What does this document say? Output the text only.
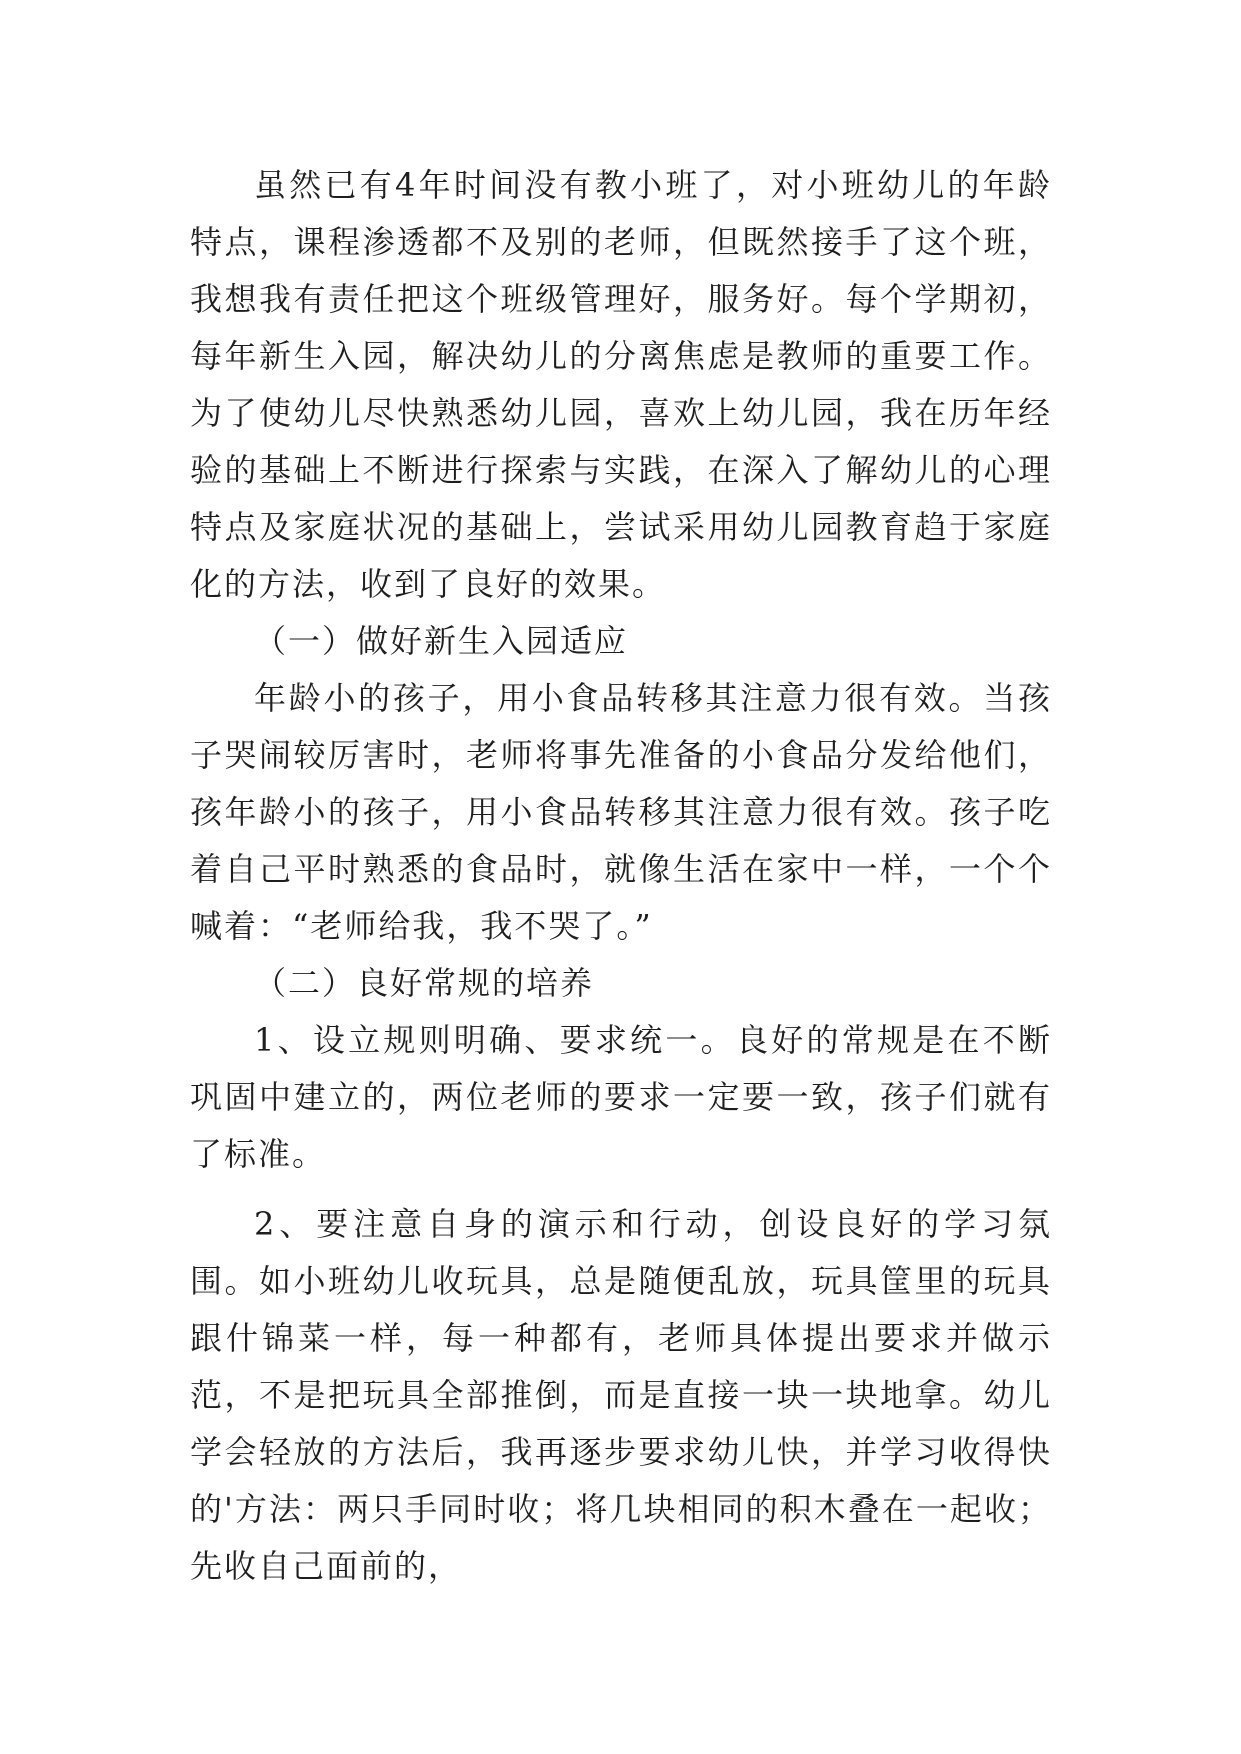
虽然已有4年时间没有教小班了，对小班幼儿的年龄特点，课程渗透都不及别的老师，但既然接手了这个班，我想我有责任把这个班级管理好，服务好。每个学期初，每年新生入园，解决幼儿的分离焦虑是教师的重要工作。为了使幼儿尽快熟悉幼儿园，喜欢上幼儿园，我在历年经验的基础上不断进行探索与实践，在深入了解幼儿的心理特点及家庭状况的基础上，尝试采用幼儿园教育趋于家庭化的方法，收到了良好的效果。

（一）做好新生入园适应

年龄小的孩子，用小食品转移其注意力很有效。当孩子哭闹较厉害时，老师将事先准备的小食品分发给他们，孩年龄小的孩子，用小食品转移其注意力很有效。孩子吃着自己平时熟悉的食品时，就像生活在家中一样，一个个喊着：“老师给我，我不哭了。”

（二）良好常规的培养

1、设立规则明确、要求统一。良好的常规是在不断巩固中建立的，两位老师的要求一定要一致，孩子们就有了标准。

2、要注意自身的演示和行动，创设良好的学习氛围。如小班幼儿收玩具，总是随便乱放，玩具筐里的玩具跟什锦菜一样，每一种都有，老师具体提出要求并做示范，不是把玩具全部推倒，而是直接一块一块地拿。幼儿学会轻放的方法后，我再逐步要求幼儿快，并学习收得快的'方法：两只手同时收；将几块相同的积木叠在一起收；先收自己面前的，
